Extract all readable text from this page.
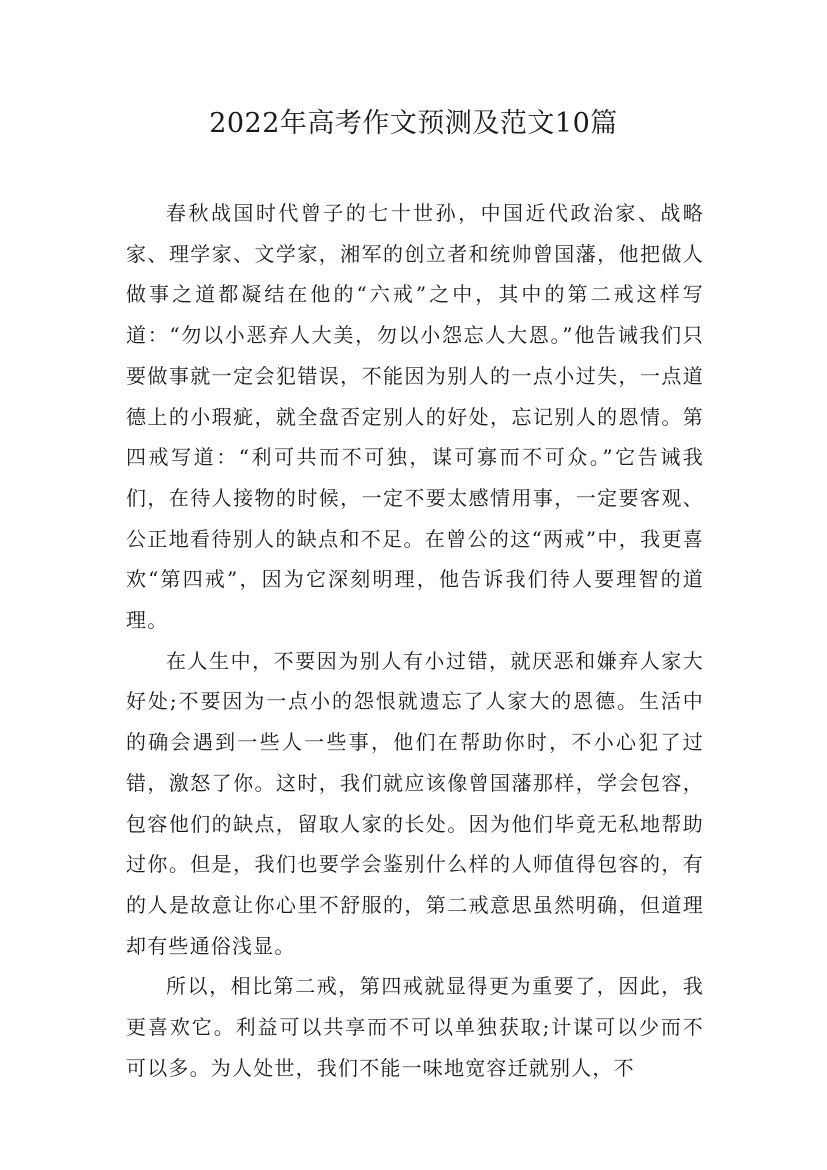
2022年高考作文预测及范文10篇

春秋战国时代曾子的七十世孙，中国近代政治家、战略家、理学家、文学家，湘军的创立者和统帅曾国藩，他把做人做事之道都凝结在他的“六戒”之中，其中的第二戒这样写道：“勿以小恶弃人大美，勿以小怨忘人大恩。”他告诫我们只要做事就一定会犯错误，不能因为别人的一点小过失，一点道德上的小瑕疵，就全盘否定别人的好处，忘记别人的恩情。第四戒写道：“利可共而不可独，谋可寡而不可众。”它告诫我们，在待人接物的时候，一定不要太感情用事，一定要客观、公正地看待别人的缺点和不足。在曾公的这“两戒”中，我更喜欢“第四戒”，因为它深刻明理，他告诉我们待人要理智的道理。

在人生中，不要因为别人有小过错，就厌恶和嫌弃人家大好处;不要因为一点小的怨恨就遗忘了人家大的恩德。生活中的确会遇到一些人一些事，他们在帮助你时，不小心犯了过错，激怒了你。这时，我们就应该像曾国藩那样，学会包容，包容他们的缺点，留取人家的长处。因为他们毕竟无私地帮助过你。但是，我们也要学会鉴别什么样的人师值得包容的，有的人是故意让你心里不舒服的，第二戒意思虽然明确，但道理却有些通俗浅显。

所以，相比第二戒，第四戒就显得更为重要了，因此，我更喜欢它。利益可以共享而不可以单独获取;计谋可以少而不可以多。为人处世，我们不能一味地宽容迁就别人，不
